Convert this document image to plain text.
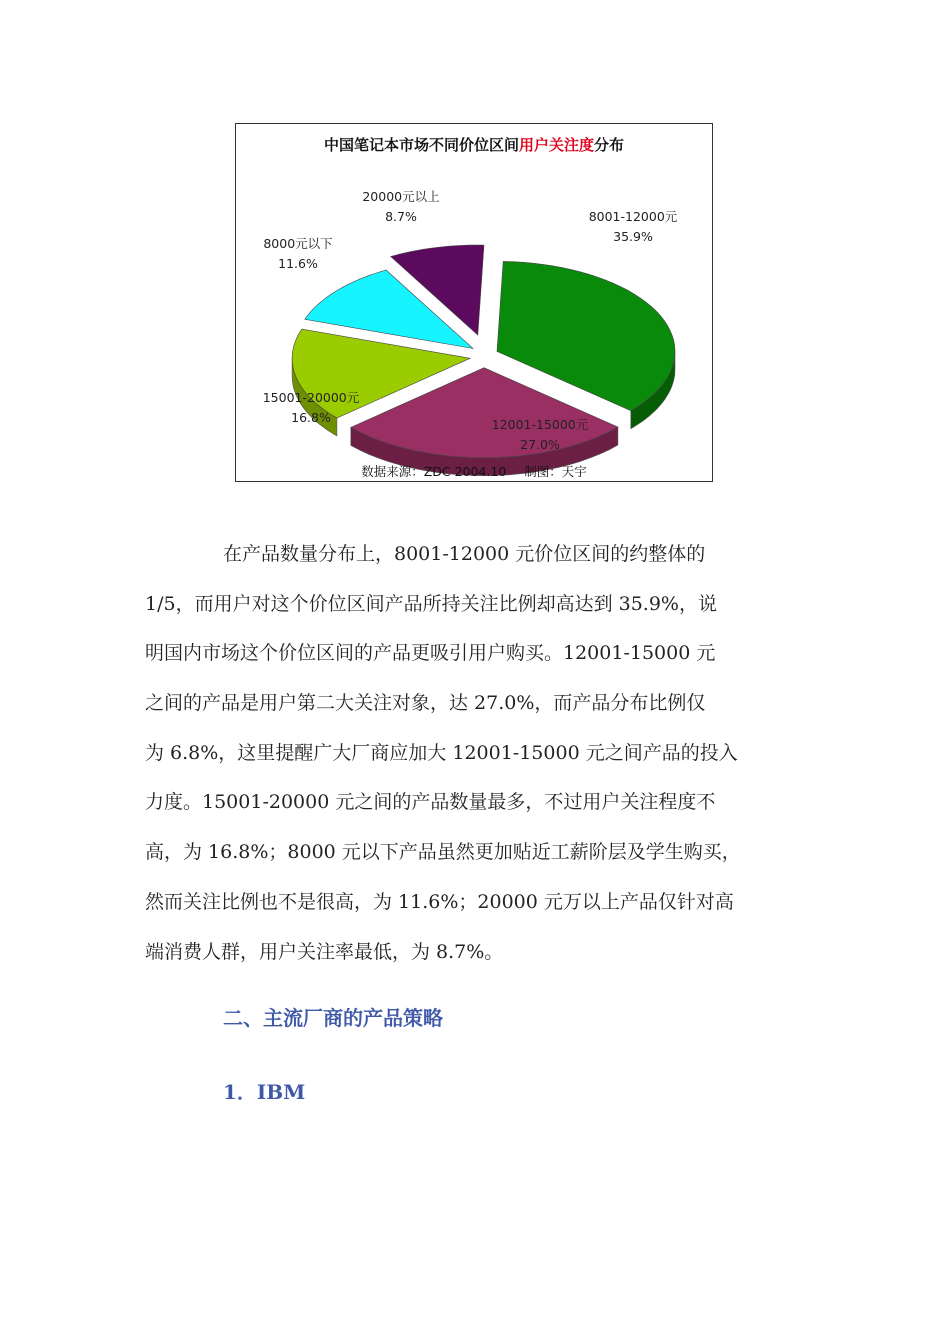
8001-12000元
35.9%
12001-15000元
27.0%
15001-20000元
16.8%
8000元以下
11.6%
20000元以上
8.7%
中国笔记本市场不同价位区间用户关注度分布
数据来源：ZDC 2004.10 制图：天宇
在产品数量分布上，8001-12000 元价位区间的约整体的
1/5，而用户对这个价位区间产品所持关注比例却高达到 35.9%，说
明国内市场这个价位区间的产品更吸引用户购买。12001-15000 元
之间的产品是用户第二大关注对象，达 27.0%，而产品分布比例仅
为 6.8%，这里提醒广大厂商应加大 12001-15000 元之间产品的投入
力度。15001-20000 元之间的产品数量最多，不过用户关注程度不
高，为 16.8%；8000 元以下产品虽然更加贴近工薪阶层及学生购买，
然而关注比例也不是很高，为 11.6%；20000 元万以上产品仅针对高
端消费人群，用户关注率最低，为 8.7%。
二、主流厂商的产品策略
1．IBM
